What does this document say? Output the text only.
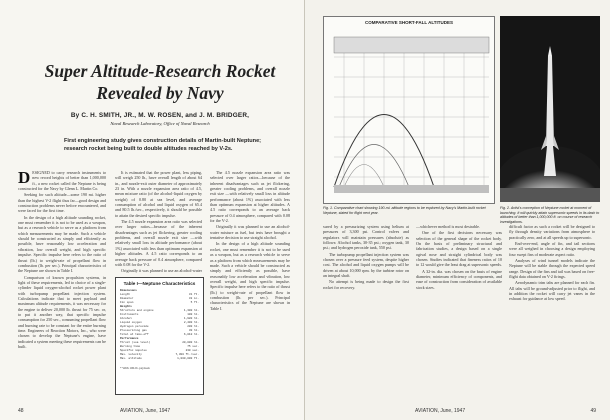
Super Altitude-Research Rocket Revealed by Navy
By C. H. SMITH, JR., M. W. ROSEN, and J. M. BRIDGER,
Naval Research Laboratory, Office of Naval Research
First engineering study gives construction details of Martin-built Neptune; research rocket being built to double altitudes reached by V-2s.
D ESIGNED to carry research instruments to new record heights of better than 1,000,000 ft., a new rocket called the Neptune is being constructed for the Navy by Glenn L. Martin Co.

Seeking for such altitude—some 190 mi. higher than the highest V-2 flight thus far—good design and construction problems never before encountered, and were faced for the first time.

In the design of a high altitude sounding rocket, one must remember it is not to be used as a weapon, but as a research vehicle to serve as a platform from which measurements may be made. Such a vehicle should be constructed as simply and efficiently as possible, have reasonably low acceleration and vibration, low overall weight, and high specific impulse. Specific impulse here refers to the ratio of thrust (lb.) to weight-rate of propellant flow in combustion (lb. per sec.). Principal characteristics of the Neptune are shown in Table I.

Comparison of known propulsion systems, in light of these requirements, led to choice of a single-cylinder liquid oxygen-alcohol rocket power plant with turbopump propellant injection system. Calculations indicate that to meet payload and maximum altitude requirements, it was necessary for the engine to deliver 20,000 lb. thrust for 75 sec. or, to put it another way, that specific impulse consumption for 250 sec., consuming propellant flow and burning rate to be constant for the entire burning time. Engineers of Reaction Motors, Inc., who were chosen to develop the Neptune's engine, have indicated a system meeting these requirements can be built.

It is estimated that the power plant, less piping, will weigh 250 lb., have overall length of about 64 in., and nozzle-exit outer diameter of approximately 23 in. With a nozzle expansion area ratio of 4.5, mean mixture ratio (of the alcohol-liquid oxygen by weight) of 0.80 at sea level, and average consumption of alcohol and liquid oxygen of 65.4 and 80.5 lb./sec., respectively, it should be possible to attain the desired specific impulse.

The 4.5 nozzle expansion area ratio was selected over larger ratios—because of the inherent disadvantages such as jet flickering, greater cooling problems, and overall nozzle exit size —with relatively small loss in altitude performance (about 1%) associated with less than optimum expansion at higher altitudes. A 4.5 ratio corresponds to an average back pressure of 0.4 atmosphere, compared with 0.08 for the V-2.

Originally it was planned to use an alcohol-water

Table I—Neptune Characteristics
Dimensions
Length	31 ft.
Diameter	32 in.
Fin span	5 ft.
Weights
Structure and engine	1,300 lb.
Instruments	100 lb.
Alcohol	1,980 lb.
Liquid oxygen	2,400 lb.
Hydrogen peroxide	200 lb.
Pressurizing gas	30 lb.
Total at take-off	6,010 lb.
Performance
Thrust (sea level)	20,000 lb.
Burning time	75 sec.
Specific impulse	230 sec.
Max. velocity	7,300 ft./sec.
Max. altitude	1,000,000 ft.
* With 100-lb. payload.

The 4.5 nozzle expansion area ratio was selected over larger ratios—because of the inherent disadvantages such as jet flickering, greater cooling problems, and overall nozzle exit size —with relatively small loss in altitude performance (about 1%) associated with less than optimum expansion at higher altitudes. A 4.5 ratio corresponds to an average back pressure of 0.4 atmosphere, compared with 0.08 for the V-2.

Originally it was planned to use an alcohol-water mixture as fuel, but tests have brought a tentative decision to use straight alcohol.

In the design of a high altitude sounding rocket, one must remember it is not to be used as a weapon, but as a research vehicle to serve as a platform from which measurements may be made. Such a vehicle should be constructed as simply and efficiently as possible, have reasonably low acceleration and vibration, low overall weight, and high specific impulse. Specific impulse here refers to the ratio of thrust (lb.) to weight-rate of propellant flow in combustion (lb. per sec.). Principal characteristics of the Neptune are shown in Table I.

48	AVIATION, June, 1947
COMPARATIVE SHORT-FALL ALTITUDES
Fig. 1. Comparative chart showing 190-mi. altitude regions to be explored by Navy's Martin-built rocket Neptune, slated for flight next year.
Fig. 2. Artist's conception of Neptune rocket at moment of launching. It will quickly attain supersonic speeds in its dash to altitudes of better than 1,000,000 ft. on course of research investigations.

sured by a pressurizing system using helium at pressures of 3,300 psi. Control valves and regulators will maintain pressures (absolute) as follows: Alcohol tanks, 30-35 psi.; oxygen tank, 30 psi.; and hydrogen peroxide tank, 550 psi.

The turbopump propellant injection system was chosen over a pressure feed system, despite higher cost. The alcohol and liquid oxygen pumps will be driven at about 10,000 rpm. by the turbine rotor on an integral shaft.

No attempt is being made to design the first rocket for recovery.

—whichever method is most desirable.

One of the first decisions necessary was selection of the general shape of the rocket body. On the basis of preliminary structural and fabrication studies, a design based on a single ogival nose and straight cylindrical body was chosen. Studies indicated that fineness ratios of 10 to 12 would give the least drag at supersonic speeds.

A 32-in. dia. was chosen on the basis of engine diameter, minimum efficiency of components, and ease of construction from consideration of available stock sizes.

difficult factor as such a rocket will be designed to fly through density variations from atmosphere to practically zero, and at all speeds up to supersonic.

End-over-end, angle of fin, and tail sections were all weighed in choosing a design employing four swept fins of moderate aspect ratio.

Analyses of wind tunnel models indicate the Neptune will be stable through the expected speed range. Design of the fins and tail was based on free-flight data obtained on V-2 firings.

Aerodynamic trim tabs are planned for each fin. All tabs will be ground-adjusted prior to flight, and in addition the rocket will carry jet vanes in the exhaust for guidance at low speed.

AVIATION, June, 1947	49
